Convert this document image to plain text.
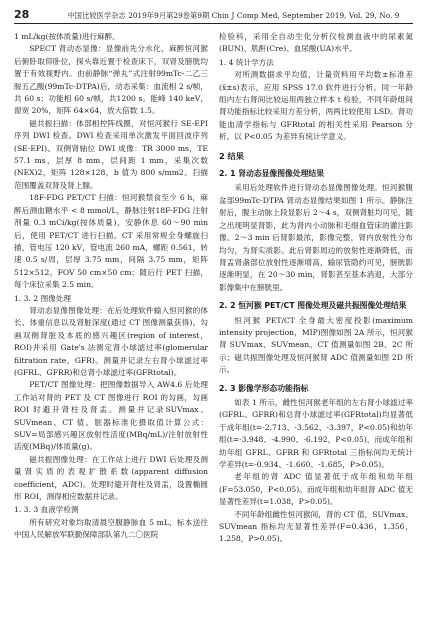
28	中国比较医学杂志 2019年9月第29卷第9期 Chin J Comp Med, September 2019, Vol. 29, No. 9
1 mL/kg(按体质量)进行麻醉。
SPECT 肾动态显像：显像前先分水化，麻醉恒河猴后俯卧取仰卧位，探头靠近置于检查床下，双肾及膀胱均置于有效视野内。由前静脉“弹丸”式注射99mTc-二乙三胺五乙酸(99mTc-DTPA)后，动态采集：血流相 2 s/帧，共 60 s；功能相 60 s/帧，共1200 s。能峰 140 keV，窗宽 20%，矩阵 64×64，放大倍数 1.5。
磁共振扫描：体部相控阵线圈，对恒河猴行 SE-EPI 序列 DWI 检查。DWI 检查采用单次激发平面回波序列(SE-EPI)。双侧肾轴位 DWI 成像：TR 3000 ms，TE 57.1 ms，层厚 8 mm，层间距 1 mm，采集次数(NEX)2，矩阵 128×128，b 值为 800 s/mm2。扫描范围覆盖双肾及肾上腺。
18F-FDG PET/CT 扫描：恒河猴禁食至少 6 h，麻醉后测血糖水平 < 8 mmol/L，静脉注射18F-FDG 注射剂量 0.3 mCi/kg(按体质量)，安静休息 60～90 min后，使用 PET/CT 进行扫描。CT 采用常规全身螺旋扫描，管电压 120 kV，管电流 260 mA，螺距 0.561，转速 0.5 s/周，层厚 3.75 mm，间隔 3.75 mm，矩阵 512×512，FOV 50 cm×50 cm；随后行 PET 扫描，每个床位采集 2.5 min。
1. 3. 2 图像处理
肾动态显像图像处理：在后处理软件输入恒河猴的体长、体重信息以及肾脏深度(通过 CT 图像测量获得)，勾画双侧肾脏及本底的感兴趣区(region of interest，ROI)并采用 Gate's 法测定肾小球滤过率(glomerular filtration rate，GFR)。测量并记录左右肾小球滤过率(GFRL、GFRR)和总肾小球滤过率(GFRtotal)。
PET/CT 图像处理：把图像数据导入 AW4.6 后处理工作站对肾的 PET 及 CT 图像进行 ROI 的勾画，勾画 ROI 时避开肾柱及肾盂。测量并记录SUVmax、SUVmean、CT 值。脏器标准化摄取值计算公式：SUV=局部感兴趣区放射性活度(MBq/mL)/注射放射性活度(MBq)/体质量(g)。
磁共振图像处理：在工作站上进行 DWI 后处理及测量肾实质的表观扩散系数(apparent diffusion coefficient，ADC)。处理时避开肾柱及肾盂，设置椭圆形 ROI，测得相应数据并记录。
1. 3. 3 血液学检测
所有研究对象均取清晨空腹静脉血 5 mL，标本送往中国人民解放军联勤保障部队第九二〇医院
检验科，采用全自动生化分析仪检测血液中的尿素氮(BUN)、肌酐(Cre)、血尿酸(UA)水平。
1. 4 统计学方法
对所测数据求平均值，计量资料用平均数±标准差(x̄±s)表示，应用 SPSS 17.0 软件进行分析。同一年龄组内左右肾间比较运用两独立样本 t 检验，不同年龄组间肾功能指标比较采用方差分析，两两比较使用 LSD。肾功能血清学指标与 GFRtotal 的相关性采用 Pearson 分析。以 P<0.05 为差异有统计学意义。
2 结果
2. 1 肾动态显像图像处理结果
采用后处理软件进行肾动态显像图像处理。恒河猴腹盆部99mTc-DTPA 肾动态显像结果如图 1 所示。静脉注射后，腹主动脉上段显影后 2～4 s，双侧肾脏均可见，随之出现明显肾影，此为肾内小动脉和毛细血管床的灌注影像。2～3 min 后肾影最浓，影像完整，肾内放射性分布均匀，为肾实质影。此后肾影周边的放射性逐渐降低，而肾盂肾盏部位放射性逐渐增高，输尿管隐约可见，膀胱影逐渐明显，在 20～30 min，肾影甚至基本消退，大部分影像集中在膀胱里。
2. 2 恒河猴 PET/CT 图像处理及磁共振图像处理结果
恒河猴 PET/CT 全身最大密度投影(maximum intensity projection，MIP)图像如图 2A 所示，恒河猴肾 SUVmax、SUVmean、CT 值测量如图 2B、2C 所示；磁共振图像处理及恒河猴肾 ADC 值测量如图 2D 所示。
2. 3 影像学形态功能指标
如表 1 所示，雌性恒河猴老年组的左右肾小球滤过率(GFRL、GFRR)和总肾小球滤过率(GFRtotal)均显著低于成年组(t=-2.713、-3.562、-3.397，P<0.05)和幼年组(t=-3.948、-4.990、-6.192，P<0.05)，而成年组和幼年组 GFRL、GFRR 和 GFRtotal 三指标间均无统计学差异(t=-0.934、-1.660、-1.685，P>0.05)。
老年组的肾 ADC 值显著低于成年组和幼年组(F=53.050，P<0.05)。而成年组和幼年组肾 ADC 值无显著性差异(t=1.038，P>0.05)。
不同年龄组雌性恒河猴间，肾的 CT 值，SUVmax、SUVmean 指标均无显著性差异(F=0.436，1.356，1.258，P>0.05)。
